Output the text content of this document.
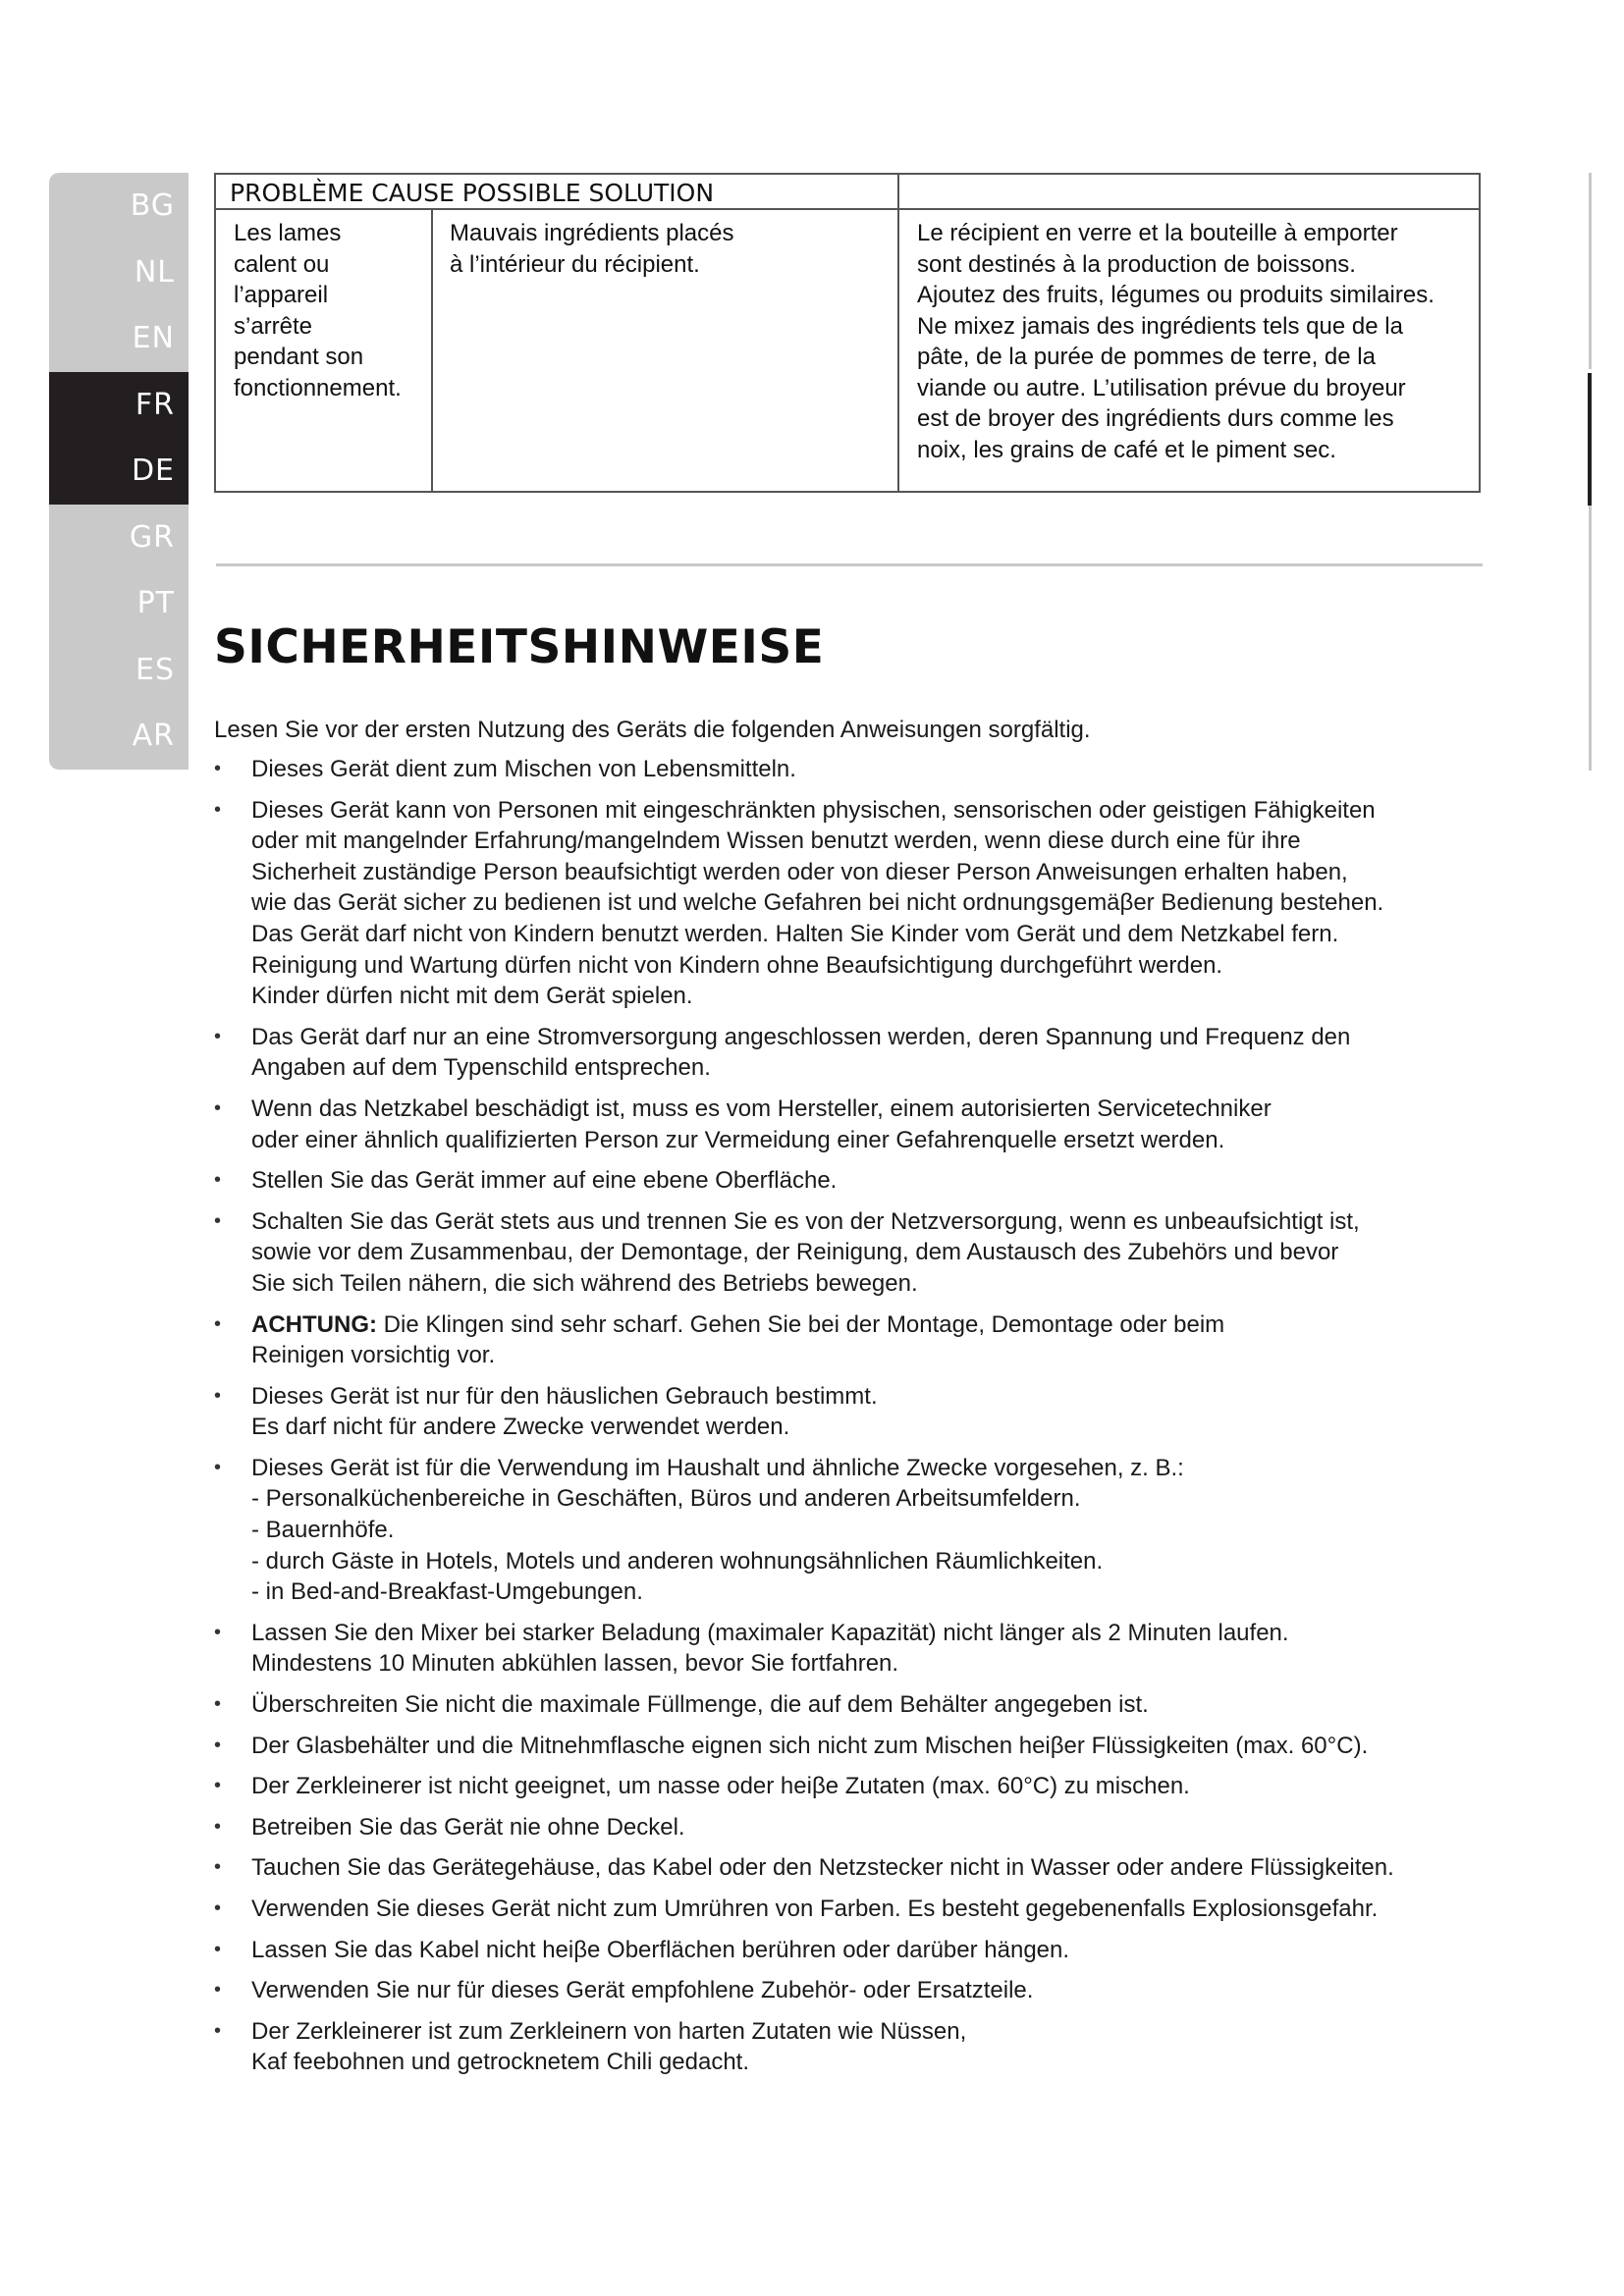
BG
NL
EN
FR
DE
GR
PT
ES
AR
PROBLÈME CAUSE POSSIBLE SOLUTION
Les lames
calent ou
l’appareil
s’arrête
pendant son
fonctionnement.
Mauvais ingrédients placés
à l’intérieur du récipient.
Le récipient en verre et la bouteille à emporter
sont destinés à la production de boissons.
Ajoutez des fruits, légumes ou produits similaires.
Ne mixez jamais des ingrédients tels que de la
pâte, de la purée de pommes de terre, de la
viande ou autre. L’utilisation prévue du broyeur
est de broyer des ingrédients durs comme les
noix, les grains de café et le piment sec.
SICHERHEITSHINWEISE
Lesen Sie vor der ersten Nutzung des Geräts die folgenden Anweisungen sorgfältig.
• Dieses Gerät dient zum Mischen von Lebensmitteln.
• Dieses Gerät kann von Personen mit eingeschränkten physischen, sensorischen oder geistigen Fähigkeiten
oder mit mangelnder Erfahrung/mangelndem Wissen benutzt werden, wenn diese durch eine für ihre
Sicherheit zuständige Person beaufsichtigt werden oder von dieser Person Anweisungen erhalten haben,
wie das Gerät sicher zu bedienen ist und welche Gefahren bei nicht ordnungsgemäβer Bedienung bestehen.
Das Gerät darf nicht von Kindern benutzt werden. Halten Sie Kinder vom Gerät und dem Netzkabel fern.
Reinigung und Wartung dürfen nicht von Kindern ohne Beaufsichtigung durchgeführt werden.
Kinder dürfen nicht mit dem Gerät spielen.
• Das Gerät darf nur an eine Stromversorgung angeschlossen werden, deren Spannung und Frequenz den
Angaben auf dem Typenschild entsprechen.
• Wenn das Netzkabel beschädigt ist, muss es vom Hersteller, einem autorisierten Servicetechniker
oder einer ähnlich qualifizierten Person zur Vermeidung einer Gefahrenquelle ersetzt werden.
• Stellen Sie das Gerät immer auf eine ebene Oberfläche.
• Schalten Sie das Gerät stets aus und trennen Sie es von der Netzversorgung, wenn es unbeaufsichtigt ist,
sowie vor dem Zusammenbau, der Demontage, der Reinigung, dem Austausch des Zubehörs und bevor
Sie sich Teilen nähern, die sich während des Betriebs bewegen.
• ACHTUNG: Die Klingen sind sehr scharf. Gehen Sie bei der Montage, Demontage oder beim
Reinigen vorsichtig vor.
• Dieses Gerät ist nur für den häuslichen Gebrauch bestimmt.
Es darf nicht für andere Zwecke verwendet werden.
• Dieses Gerät ist für die Verwendung im Haushalt und ähnliche Zwecke vorgesehen, z. B.:
- Personalküchenbereiche in Geschäften, Büros und anderen Arbeitsumfeldern.
- Bauernhöfe.
- durch Gäste in Hotels, Motels und anderen wohnungsähnlichen Räumlichkeiten.
- in Bed-and-Breakfast-Umgebungen.
• Lassen Sie den Mixer bei starker Beladung (maximaler Kapazität) nicht länger als 2 Minuten laufen.
Mindestens 10 Minuten abkühlen lassen, bevor Sie fortfahren.
• Überschreiten Sie nicht die maximale Füllmenge, die auf dem Behälter angegeben ist.
• Der Glasbehälter und die Mitnehmflasche eignen sich nicht zum Mischen heiβer Flüssigkeiten (max. 60°C).
• Der Zerkleinerer ist nicht geeignet, um nasse oder heiβe Zutaten (max. 60°C) zu mischen.
• Betreiben Sie das Gerät nie ohne Deckel.
• Tauchen Sie das Gerätegehäuse, das Kabel oder den Netzstecker nicht in Wasser oder andere Flüssigkeiten.
• Verwenden Sie dieses Gerät nicht zum Umrühren von Farben. Es besteht gegebenenfalls Explosionsgefahr.
• Lassen Sie das Kabel nicht heiβe Oberflächen berühren oder darüber hängen.
• Verwenden Sie nur für dieses Gerät empfohlene Zubehör- oder Ersatzteile.
• Der Zerkleinerer ist zum Zerkleinern von harten Zutaten wie Nüssen,
Kaf feebohnen und getrocknetem Chili gedacht.
